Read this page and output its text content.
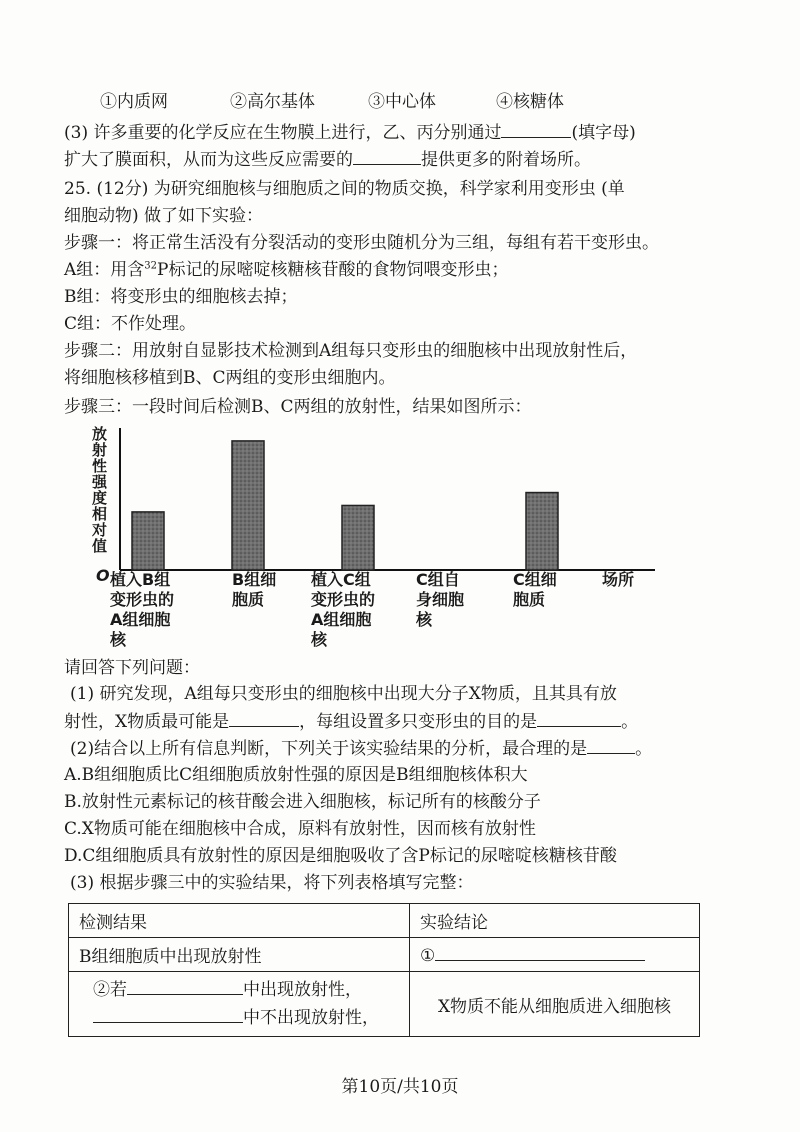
①内质网	②高尔基体	③中心体	④核糖体
(3) 许多重要的化学反应在生物膜上进行，乙、丙分别通过	(填字母)
扩大了膜面积，从而为这些反应需要的	提供更多的附着场所。
25. (12分) 为研究细胞核与细胞质之间的物质交换，科学家利用变形虫 (单
细胞动物) 做了如下实验：
步骤一：将正常生活没有分裂活动的变形虫随机分为三组，每组有若干变形虫。
A组：用含$^{32}$P标记的尿嘧啶核糖核苷酸的食物饲喂变形虫；
B组：将变形虫的细胞核去掉；
C组：不作处理。
步骤二：用放射自显影技术检测到A组每只变形虫的细胞核中出现放射性后，
将细胞核移植到B、C两组的变形虫细胞内。
步骤三：一段时间后检测B、C两组的放射性，结果如图所示：
放射性强度相对值
O 植入B组
变形虫的
A组细胞
核
B组细
胞质
植入C组
变形虫的
A组细胞
核
C组自
身细胞
核
C组细
胞质
场所
请回答下列问题：
(1) 研究发现，A组每只变形虫的细胞核中出现大分子X物质，且其具有放
射性，X物质最可能是	，每组设置多只变形虫的目的是	。
(2)结合以上所有信息判断，下列关于该实验结果的分析，最合理的是	。
A.B组细胞质比C组细胞质放射性强的原因是B组细胞核体积大
B.放射性元素标记的核苷酸会进入细胞核，标记所有的核酸分子
C.X物质可能在细胞核中合成，原料有放射性，因而核有放射性
D.C组细胞质具有放射性的原因是细胞吸收了含P标记的尿嘧啶核糖核苷酸
(3) 根据步骤三中的实验结果，将下列表格填写完整：
检测结果	实验结论
B组细胞质中出现放射性	①
②若 中出现放射性，
中不出现放射性，	X物质不能从细胞质进入细胞核
第10页/共10页
